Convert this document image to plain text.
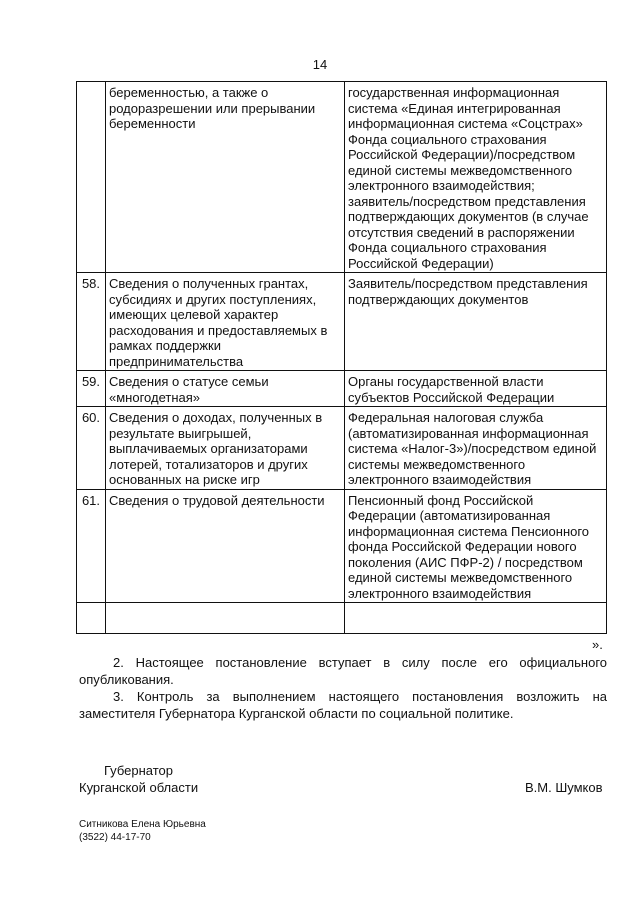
14
	беременностью, а также о родоразрешении или прерывании беременности	государственная информационная система «Единая интегрированная информационная система «Соцстрах» Фонда социального страхования Российской Федерации)/посредством единой системы межведомственного электронного взаимодействия; заявитель/посредством представления подтверждающих документов (в случае отсутствия сведений в распоряжении Фонда социального страхования Российской Федерации)
58.	Сведения о полученных грантах, субсидиях и других поступлениях, имеющих целевой характер расходования и предоставляемых в рамках поддержки предпринимательства	Заявитель/посредством представления подтверждающих документов
59.	Сведения о статусе семьи «многодетная»	Органы государственной власти субъектов Российской Федерации
60.	Сведения о доходах, полученных в результате выигрышей, выплачиваемых организаторами лотерей, тотализаторов и других основанных на риске игр	Федеральная налоговая служба (автоматизированная информационная система «Налог-3»)/посредством единой системы межведомственного электронного взаимодействия
61.	Сведения о трудовой деятельности	Пенсионный фонд Российской Федерации (автоматизированная информационная система Пенсионного фонда Российской Федерации нового поколения (АИС ПФР-2) / посредством единой системы межведомственного электронного взаимодействия

».
2. Настоящее постановление вступает в силу после его официального опубликования.
3. Контроль за выполнением настоящего постановления возложить на заместителя Губернатора Курганской области по социальной политике.
Губернатор
Курганской области	В.М. Шумков
Ситникова Елена Юрьевна
(3522) 44-17-70
